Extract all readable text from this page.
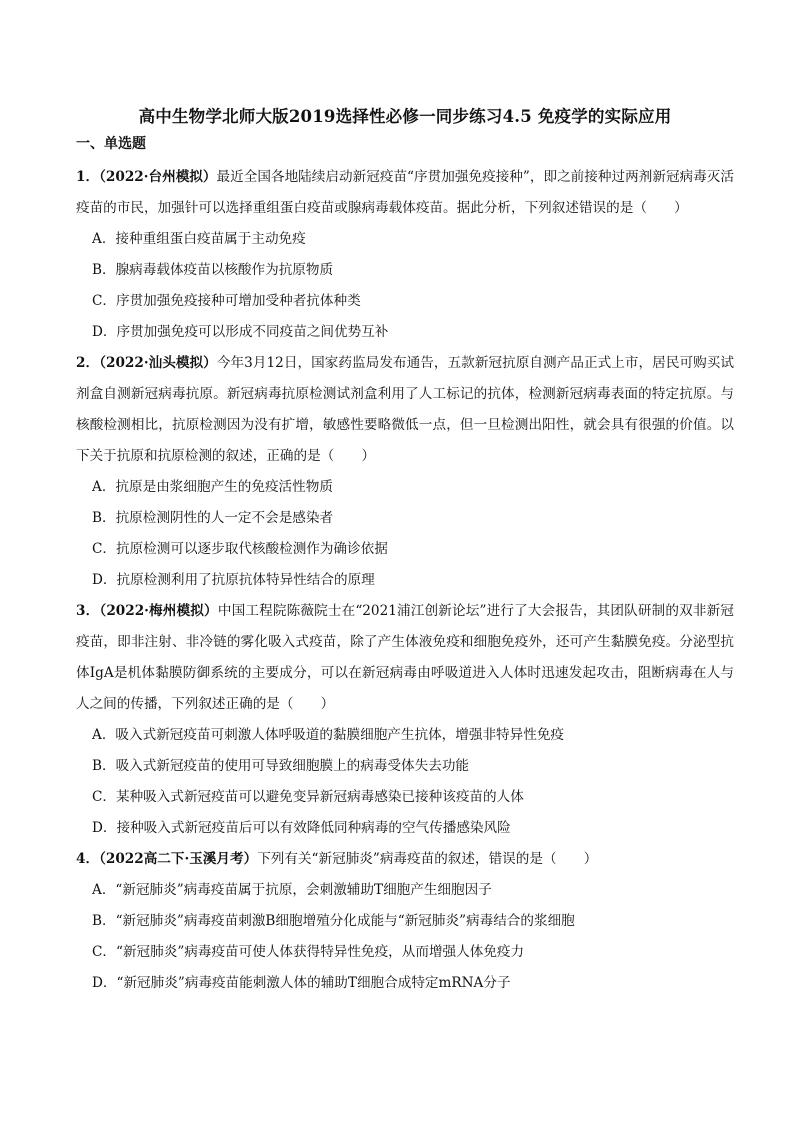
高中生物学北师大版2019选择性必修一同步练习4.5 免疫学的实际应用
一、单选题

1．（2022·台州模拟）最近全国各地陆续启动新冠疫苗“序贯加强免疫接种”，即之前接种过两剂新冠病毒灭活疫苗的市民，加强针可以选择重组蛋白疫苗或腺病毒载体疫苗。据此分析，下列叙述错误的是（　　）

A．接种重组蛋白疫苗属于主动免疫
B．腺病毒载体疫苗以核酸作为抗原物质
C．序贯加强免疫接种可增加受种者抗体种类
D．序贯加强免疫可以形成不同疫苗之间优势互补

2．（2022·汕头模拟）今年3月12日，国家药监局发布通告，五款新冠抗原自测产品正式上市，居民可购买试剂盒自测新冠病毒抗原。新冠病毒抗原检测试剂盒利用了人工标记的抗体，检测新冠病毒表面的特定抗原。与核酸检测相比，抗原检测因为没有扩增，敏感性要略微低一点，但一旦检测出阳性，就会具有很强的价值。以下关于抗原和抗原检测的叙述，正确的是（　　）

A．抗原是由浆细胞产生的免疫活性物质
B．抗原检测阴性的人一定不会是感染者
C．抗原检测可以逐步取代核酸检测作为确诊依据
D．抗原检测利用了抗原抗体特异性结合的原理

3．（2022·梅州模拟）中国工程院陈薇院士在“2021浦江创新论坛”进行了大会报告，其团队研制的双非新冠疫苗，即非注射、非冷链的雾化吸入式疫苗，除了产生体液免疫和细胞免疫外，还可产生黏膜免疫。分泌型抗体IgA是机体黏膜防御系统的主要成分，可以在新冠病毒由呼吸道进入人体时迅速发起攻击，阻断病毒在人与人之间的传播，下列叙述正确的是（　　）

A．吸入式新冠疫苗可刺激人体呼吸道的黏膜细胞产生抗体，增强非特异性免疫
B．吸入式新冠疫苗的使用可导致细胞膜上的病毒受体失去功能
C．某种吸入式新冠疫苗可以避免变异新冠病毒感染已接种该疫苗的人体
D．接种吸入式新冠疫苗后可以有效降低同种病毒的空气传播感染风险

4．（2022高二下·玉溪月考）下列有关“新冠肺炎”病毒疫苗的叙述，错误的是（　　）

A．“新冠肺炎”病毒疫苗属于抗原，会刺激辅助T细胞产生细胞因子
B．“新冠肺炎”病毒疫苗刺激B细胞增殖分化成能与“新冠肺炎”病毒结合的浆细胞
C．“新冠肺炎”病毒疫苗可使人体获得特异性免疫，从而增强人体免疫力
D．“新冠肺炎”病毒疫苗能刺激人体的辅助T细胞合成特定mRNA分子
